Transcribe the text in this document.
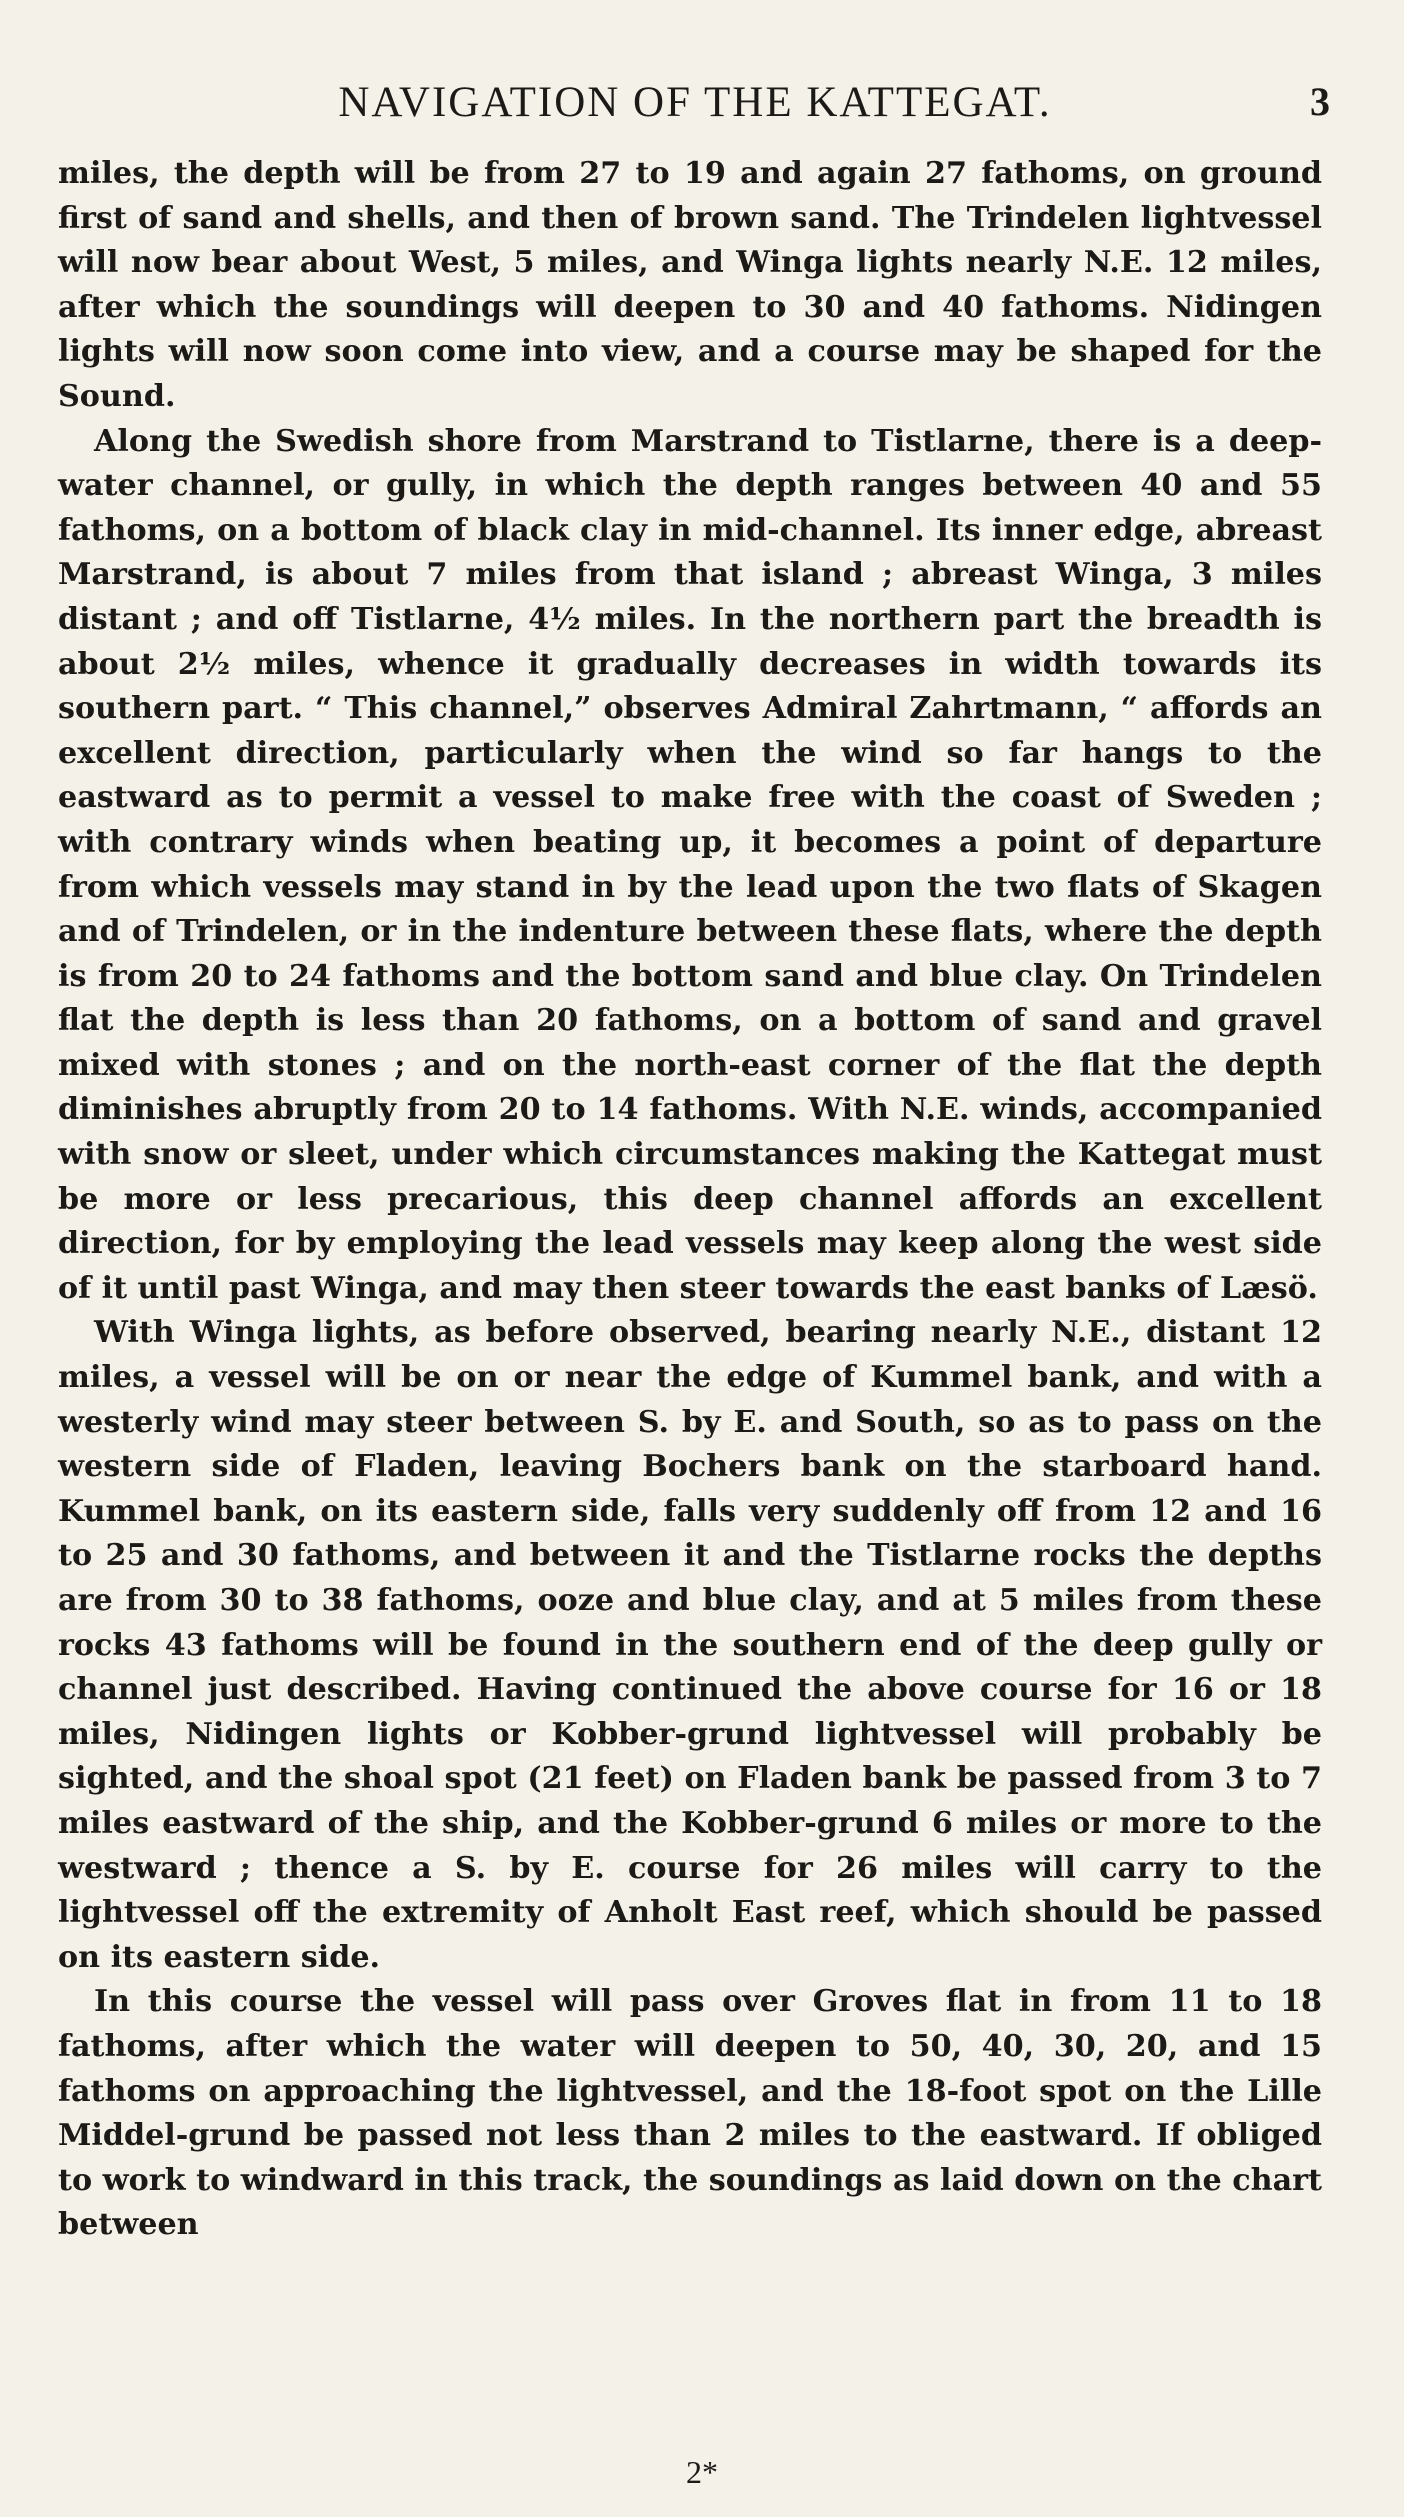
NAVIGATION OF THE KATTEGAT.	3

miles, the depth will be from 27 to 19 and again 27 fathoms, on ground first of sand and shells, and then of brown sand. The Trindelen lightvessel will now bear about West, 5 miles, and Winga lights nearly N.E. 12 miles, after which the soundings will deepen to 30 and 40 fathoms. Nidingen lights will now soon come into view, and a course may be shaped for the Sound.

Along the Swedish shore from Marstrand to Tistlarne, there is a deep-water channel, or gully, in which the depth ranges between 40 and 55 fathoms, on a bottom of black clay in mid-channel. Its inner edge, abreast Marstrand, is about 7 miles from that island ; abreast Winga, 3 miles distant ; and off Tistlarne, 4½ miles. In the northern part the breadth is about 2½ miles, whence it gradually decreases in width towards its southern part. “ This channel,” observes Admiral Zahrtmann, “ affords an excellent direction, particularly when the wind so far hangs to the eastward as to permit a vessel to make free with the coast of Sweden ; with contrary winds when beating up, it becomes a point of departure from which vessels may stand in by the lead upon the two flats of Skagen and of Trindelen, or in the indenture between these flats, where the depth is from 20 to 24 fathoms and the bottom sand and blue clay. On Trindelen flat the depth is less than 20 fathoms, on a bottom of sand and gravel mixed with stones ; and on the north-east corner of the flat the depth diminishes abruptly from 20 to 14 fathoms. With N.E. winds, accompanied with snow or sleet, under which circumstances making the Kattegat must be more or less precarious, this deep channel affords an excellent direction, for by employing the lead vessels may keep along the west side of it until past Winga, and may then steer towards the east banks of Læsö.

With Winga lights, as before observed, bearing nearly N.E., distant 12 miles, a vessel will be on or near the edge of Kummel bank, and with a westerly wind may steer between S. by E. and South, so as to pass on the western side of Fladen, leaving Bochers bank on the starboard hand. Kummel bank, on its eastern side, falls very suddenly off from 12 and 16 to 25 and 30 fathoms, and between it and the Tistlarne rocks the depths are from 30 to 38 fathoms, ooze and blue clay, and at 5 miles from these rocks 43 fathoms will be found in the southern end of the deep gully or channel just described. Having continued the above course for 16 or 18 miles, Nidingen lights or Kobber-grund lightvessel will probably be sighted, and the shoal spot (21 feet) on Fladen bank be passed from 3 to 7 miles eastward of the ship, and the Kobber-grund 6 miles or more to the westward ; thence a S. by E. course for 26 miles will carry to the lightvessel off the extremity of Anholt East reef, which should be passed on its eastern side.

In this course the vessel will pass over Groves flat in from 11 to 18 fathoms, after which the water will deepen to 50, 40, 30, 20, and 15 fathoms on approaching the lightvessel, and the 18-foot spot on the Lille Middel-grund be passed not less than 2 miles to the eastward. If obliged to work to windward in this track, the soundings as laid down on the chart between

2*
